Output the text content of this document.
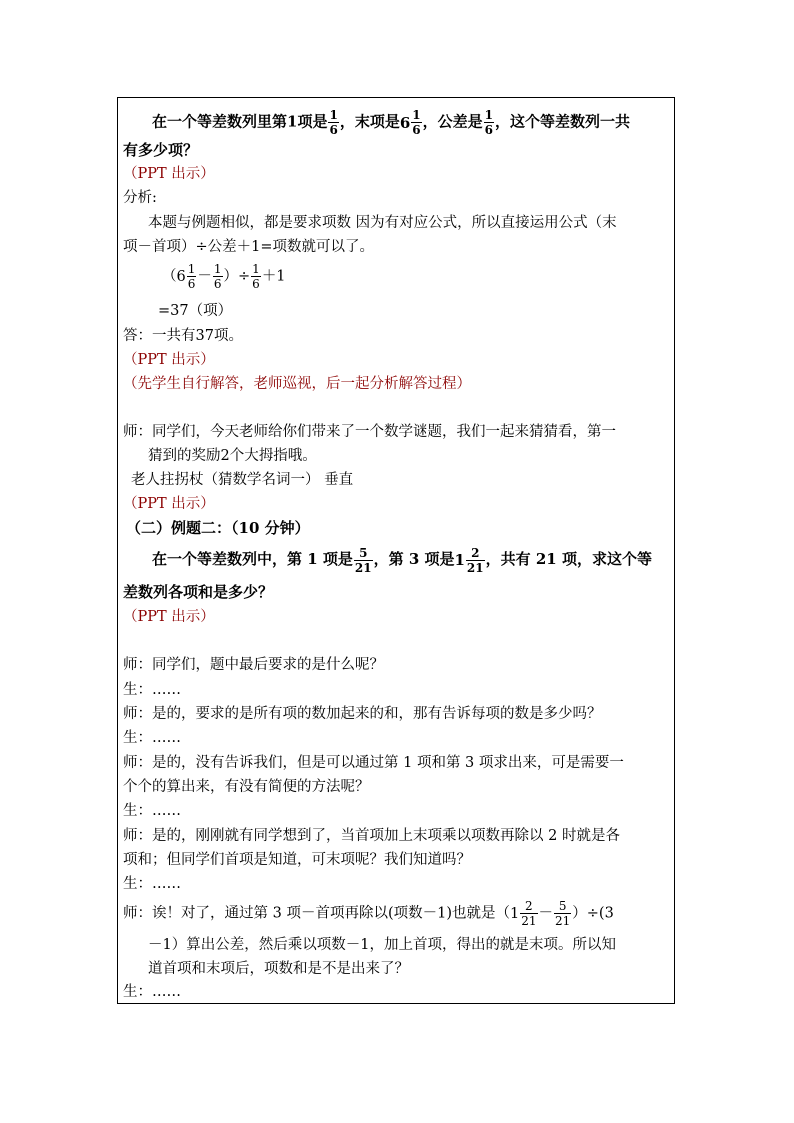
在一个等差数列里第1项是 $\frac{1}{6}$ ，末项是$6 \frac{1}{6}$ ，公差是 $\frac{1}{6}$ ，这个等差数列一共
有多少项？
（PPT 出示）
分析:
本题与例题相似，都是要求项数 因为有对应公式，所以直接运用公式（末
项－首项）÷公差＋1=项数就可以了。
（$6 \frac{1}{6} - \frac{1}{6}$ ）÷ $\frac{1}{6} +1$
=37（项）
答：一共有37项。
（PPT 出示）
（先学生自行解答，老师巡视，后一起分析解答过程）
师：同学们，今天老师给你们带来了一个数学谜题，我们一起来猜猜看，第一
猜到的奖励2个大拇指哦。
老人拄拐杖（猜数学名词一） 垂直
（PPT 出示）
（二）例题二：（10 分钟）
在一个等差数列中，第 1 项是 $\frac{5}{21}$ ，第 3 项是$1 \frac{2}{21}$ ，共有 21 项，求这个等
差数列各项和是多少？
（PPT 出示）
师：同学们，题中最后要求的是什么呢？
生：……
师：是的，要求的是所有项的数加起来的和，那有告诉每项的数是多少吗？
生：……
师：是的，没有告诉我们，但是可以通过第 1 项和第 3 项求出来，可是需要一
个个的算出来，有没有简便的方法呢？
生：……
师：是的，刚刚就有同学想到了，当首项加上末项乘以项数再除以 2 时就是各
项和；但同学们首项是知道，可末项呢？我们知道吗？
生：……
师：诶！对了，通过第 3 项－首项再除以(项数－1)也就是$(1 \frac{2}{21} - \frac{5}{21} )\div(3$
－1）算出公差，然后乘以项数－1，加上首项，得出的就是末项。所以知
道首项和末项后，项数和是不是出来了？
生：……
